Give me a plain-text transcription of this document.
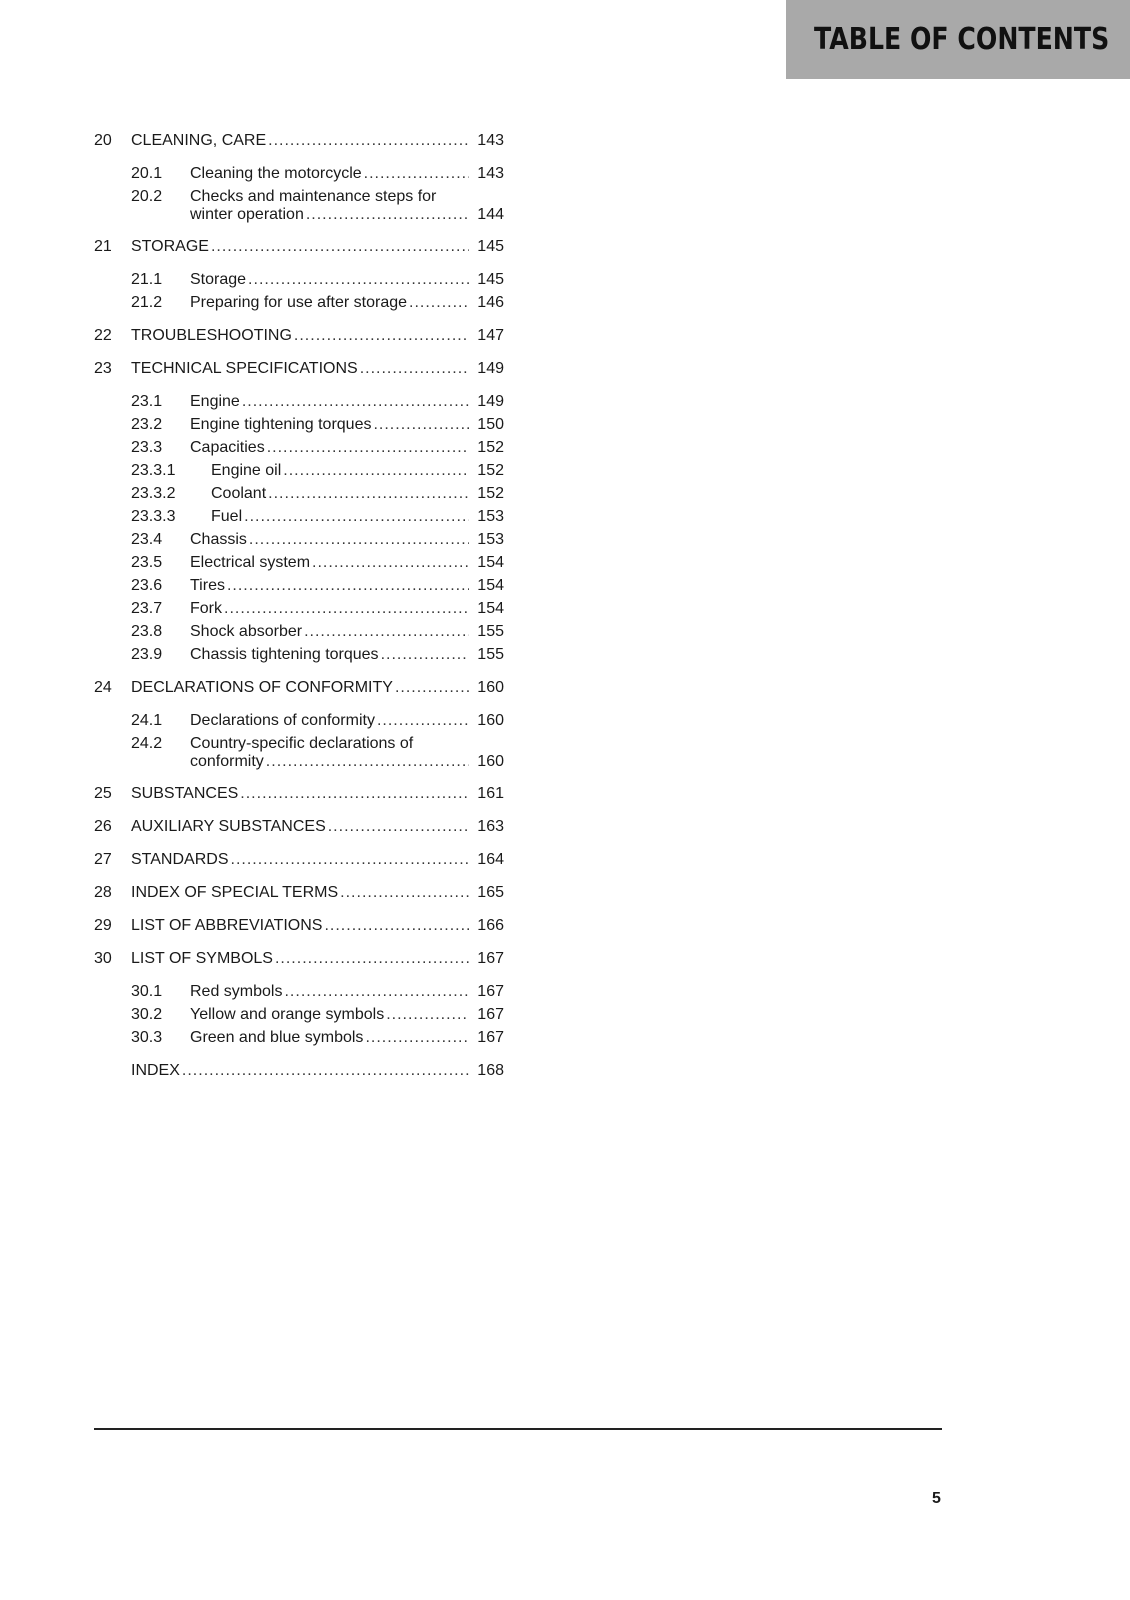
TABLE OF CONTENTS
20	CLEANING, CARE .....	143
20.1	Cleaning the motorcycle .....	143
20.2	Checks and maintenance steps for
winter operation .....	144
21	STORAGE .....	145
21.1	Storage .....	145
21.2	Preparing for use after storage .....	146
22	TROUBLESHOOTING .....	147
23	TECHNICAL SPECIFICATIONS .....	149
23.1	Engine .....	149
23.2	Engine tightening torques .....	150
23.3	Capacities .....	152
23.3.1	Engine oil .....	152
23.3.2	Coolant .....	152
23.3.3	Fuel .....	153
23.4	Chassis .....	153
23.5	Electrical system .....	154
23.6	Tires .....	154
23.7	Fork .....	154
23.8	Shock absorber .....	155
23.9	Chassis tightening torques .....	155
24	DECLARATIONS OF CONFORMITY .....	160
24.1	Declarations of conformity .....	160
24.2	Country-specific declarations of
conformity .....	160
25	SUBSTANCES .....	161
26	AUXILIARY SUBSTANCES .....	163
27	STANDARDS .....	164
28	INDEX OF SPECIAL TERMS .....	165
29	LIST OF ABBREVIATIONS .....	166
30	LIST OF SYMBOLS .....	167
30.1	Red symbols .....	167
30.2	Yellow and orange symbols .....	167
30.3	Green and blue symbols .....	167
INDEX .....	168
5
